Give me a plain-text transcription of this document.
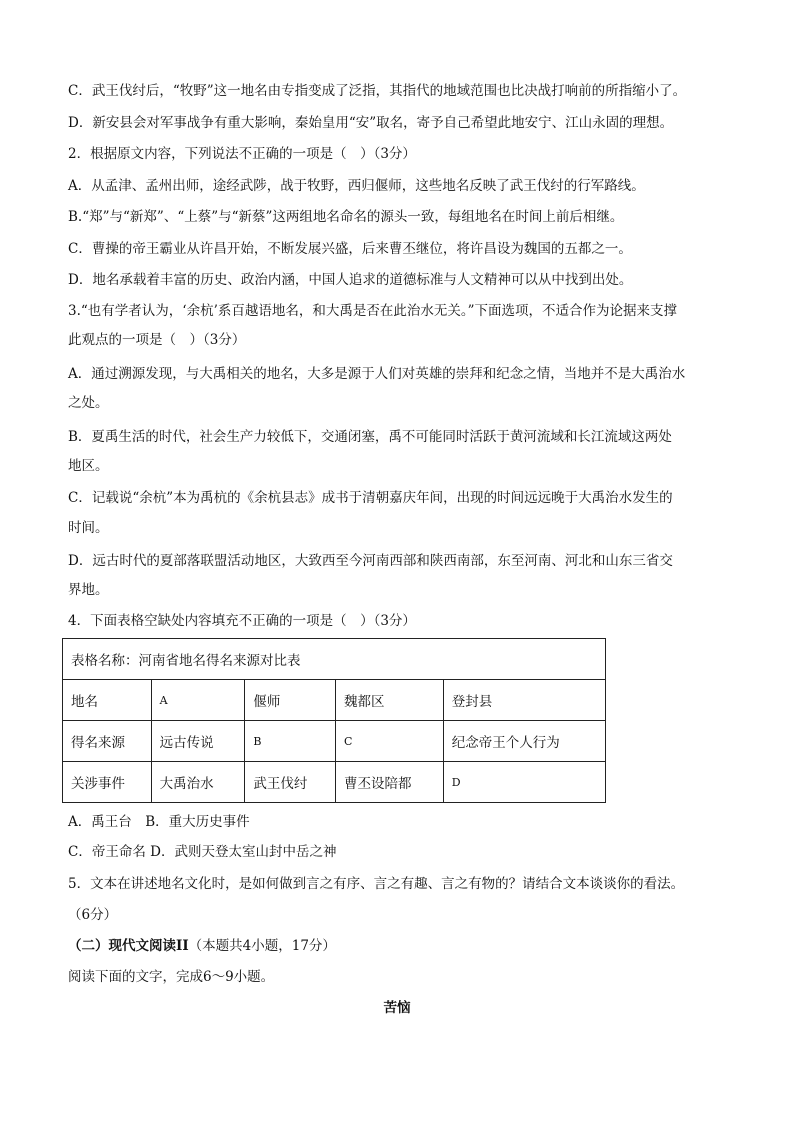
C．武王伐纣后，“牧野”这一地名由专指变成了泛指，其指代的地域范围也比决战打响前的所指缩小了。
D．新安县会对军事战争有重大影响，秦始皇用“安”取名，寄予自己希望此地安宁、江山永固的理想。
2．根据原文内容，下列说法不正确的一项是（　）（3分）
A．从孟津、孟州出师，途经武陟，战于牧野，西归偃师，这些地名反映了武王伐纣的行军路线。
B.“郑”与“新郑”、“上蔡”与“新蔡”这两组地名命名的源头一致，每组地名在时间上前后相继。
C．曹操的帝王霸业从许昌开始，不断发展兴盛，后来曹丕继位，将许昌设为魏国的五都之一。
D．地名承载着丰富的历史、政治内涵，中国人追求的道德标准与人文精神可以从中找到出处。
3.“也有学者认为，‘余杭’系百越语地名，和大禹是否在此治水无关。”下面选项，不适合作为论据来支撑
此观点的一项是（　）（3分）
A．通过溯源发现，与大禹相关的地名，大多是源于人们对英雄的崇拜和纪念之情，当地并不是大禹治水
之处。
B．夏禹生活的时代，社会生产力较低下，交通闭塞，禹不可能同时活跃于黄河流域和长江流域这两处
地区。
C．记载说“余杭”本为禹杭的《余杭县志》成书于清朝嘉庆年间，出现的时间远远晚于大禹治水发生的
时间。
D．远古时代的夏部落联盟活动地区，大致西至今河南西部和陕西南部，东至河南、河北和山东三省交
界地。
4．下面表格空缺处内容填充不正确的一项是（　）（3分）
表格名称：河南省地名得名来源对比表				
地名	A	偃师	魏都区	登封县
得名来源	远古传说	B	C	纪念帝王个人行为
关涉事件	大禹治水	武王伐纣	曹丕设陪都	D
A．禹王台　B．重大历史事件
C．帝王命名 D．武则天登太室山封中岳之神
5．文本在讲述地名文化时，是如何做到言之有序、言之有趣、言之有物的？请结合文本谈谈你的看法。
（6分）
（二）现代文阅读II（本题共4小题，17分）
阅读下面的文字，完成6～9小题。
苦恼
